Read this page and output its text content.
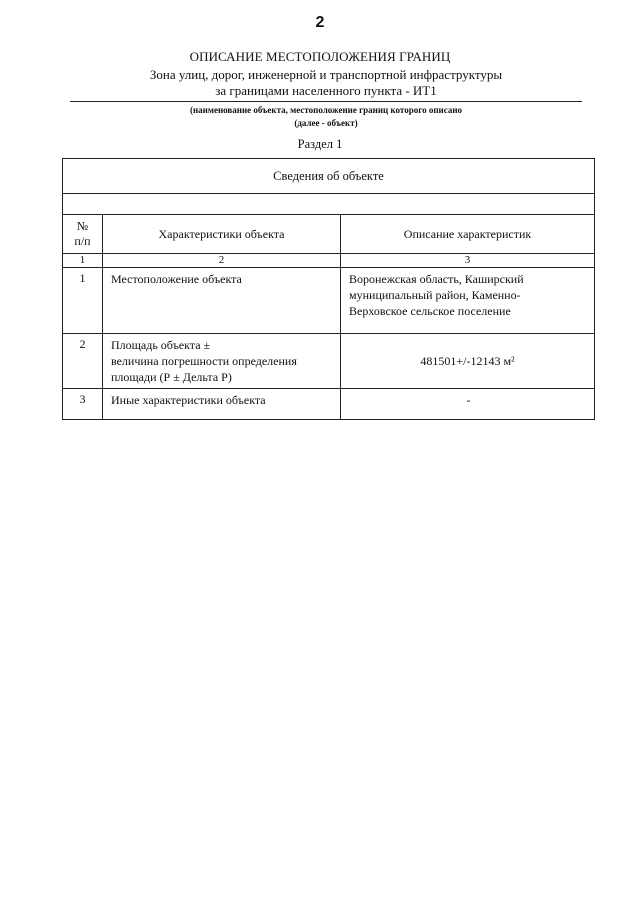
2
ОПИСАНИЕ МЕСТОПОЛОЖЕНИЯ ГРАНИЦ
Зона улиц, дорог, инженерной и транспортной инфраструктуры
за границами населенного пункта - ИТ1
(наименование объекта, местоположение границ которого описано
(далее - объект)
Раздел 1
Сведения об объекте		

№
п/п	Характеристики объекта	Описание характеристик
1	2	3
1	Местоположение объекта	Воронежская область, Каширский
муниципальный район, Каменно-
Верховское сельское поселение

2	Площадь объекта ±
величина погрешности определения
площади (Р ± Дельта Р)	481501+/-12143 м²
3	Иные характеристики объекта	-
